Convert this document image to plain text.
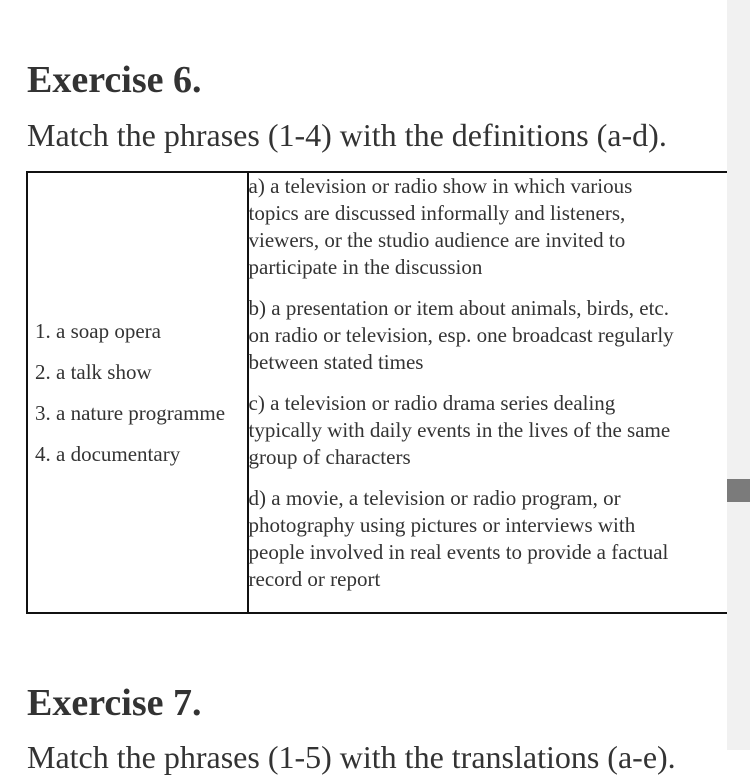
Exercise 6.

Match the phrases (1-4) with the definitions (a-d).

1. a soap opera
2. a talk show
3. a nature programme
4. a documentary

a) a television or radio show in which various
topics are discussed informally and listeners,
viewers, or the studio audience are invited to
participate in the discussion
b) a presentation or item about animals, birds, etc.
on radio or television, esp. one broadcast regularly
between stated times
c) a television or radio drama series dealing
typically with daily events in the lives of the same
group of characters
d) a movie, a television or radio program, or
photography using pictures or interviews with
people involved in real events to provide a factual
record or report
Exercise 7.

Match the phrases (1-5) with the translations (a-e).
